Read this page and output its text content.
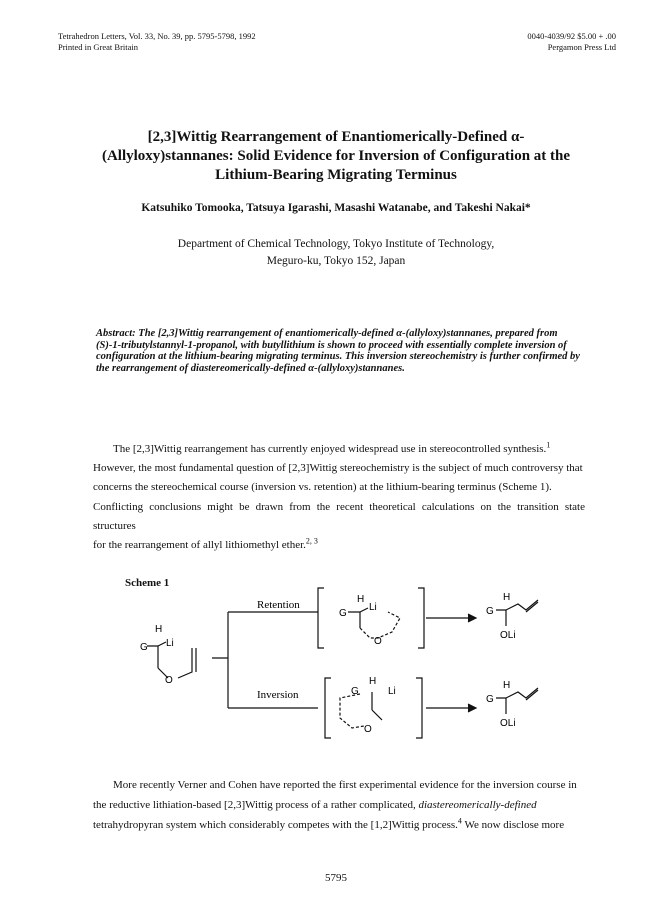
Tetrahedron Letters, Vol. 33, No. 39, pp. 5795-5798, 1992
Printed in Great Britain
0040-4039/92 $5.00 + .00
Pergamon Press Ltd
[2,3]Wittig Rearrangement of Enantiomerically-Defined α-
(Allyloxy)stannanes: Solid Evidence for Inversion of Configuration at the
Lithium-Bearing Migrating Terminus
Katsuhiko Tomooka, Tatsuya Igarashi, Masashi Watanabe, and Takeshi Nakai*
Department of Chemical Technology, Tokyo Institute of Technology,
Meguro-ku, Tokyo 152, Japan
Abstract: The [2,3]Wittig rearrangement of enantiomerically-defined α-(allyloxy)stannanes, prepared from (S)-1-tributylstannyl-1-propanol, with butyllithium is shown to proceed with essentially complete inversion of configuration at the lithium-bearing migrating terminus. This inversion stereochemistry is further confirmed by the rearrangement of diastereomerically-defined α-(allyloxy)stannanes.
The [2,3]Wittig rearrangement has currently enjoyed widespread use in stereocontrolled synthesis.$^1$
However, the most fundamental question of [2,3]Wittig stereochemistry is the subject of much controversy that
concerns the stereochemical course (inversion vs. retention) at the lithium-bearing terminus (Scheme 1).
Conflicting conclusions might be drawn from the recent theoretical calculations on the transition state structures
for the rearrangement of allyl lithiomethyl ether.$^{2, 3}$
Scheme 1
G
H
Li
O
Retention
Inversion
G
H
Li
O
G
H
Li
O
G
H
OLi
G
H
OLi
More recently Verner and Cohen have reported the first experimental evidence for the inversion course in
the reductive lithiation-based [2,3]Wittig process of a rather complicated, diastereomerically-defined
tetrahydropyran system which considerably competes with the [1,2]Wittig process.$^4$ We now disclose more
5795
